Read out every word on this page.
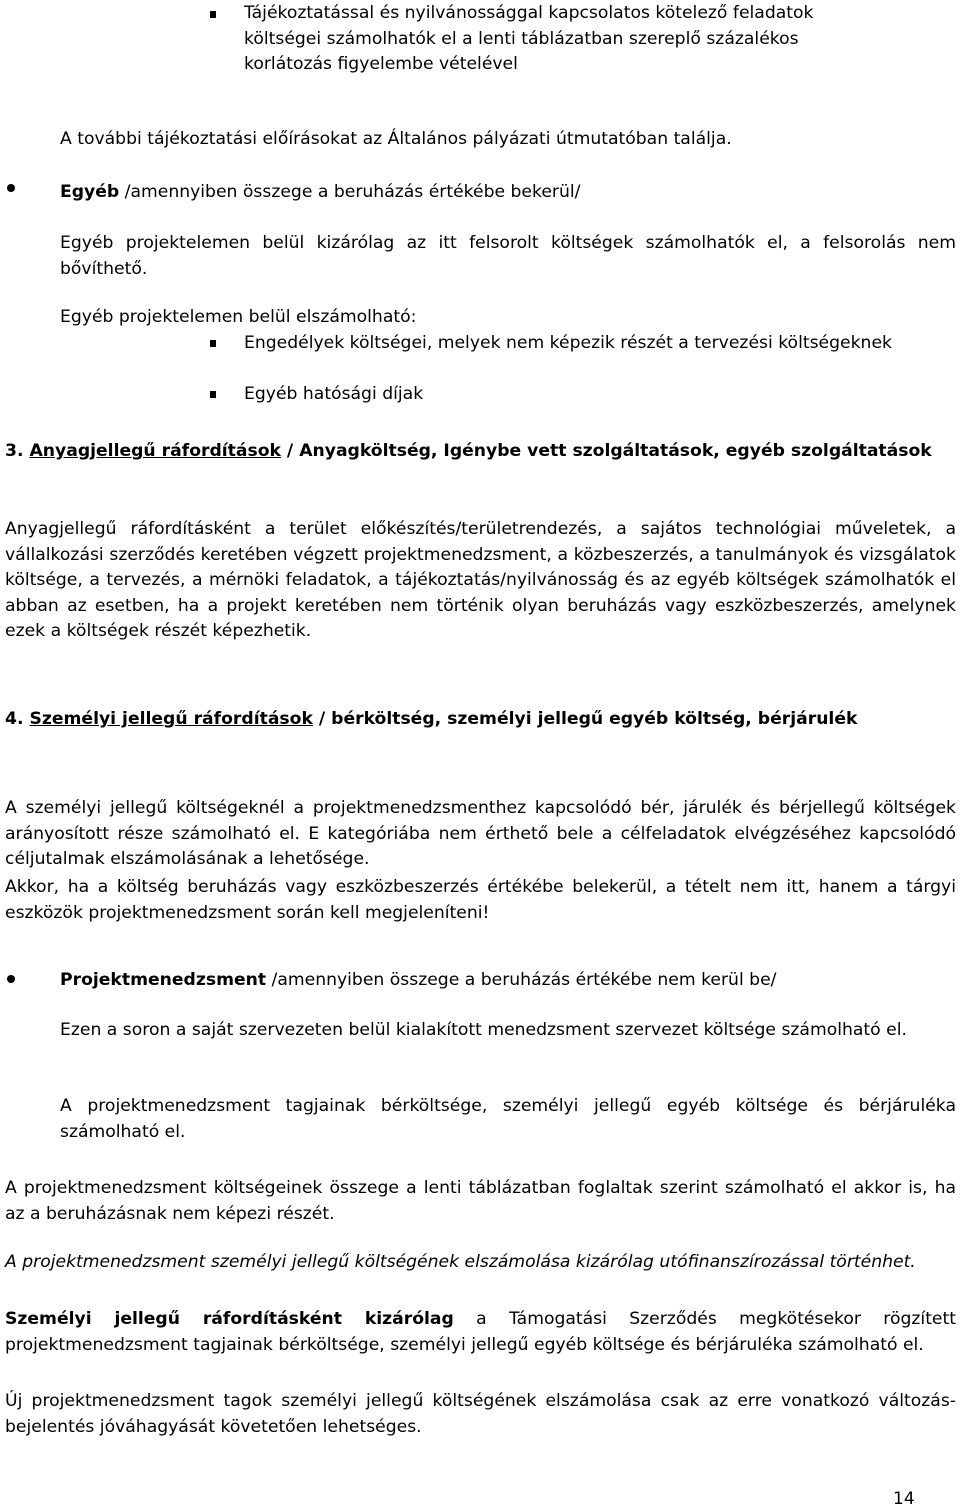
Tájékoztatással és nyilvánossággal kapcsolatos kötelező feladatok

költségei számolhatók el a lenti táblázatban szereplő százalékos

korlátozás figyelembe vételével

A további tájékoztatási előírásokat az Általános pályázati útmutatóban találja.

Egyéb /amennyiben összege a beruházás értékébe bekerül/

Egyéb projektelemen belül kizárólag az itt felsorolt költségek számolhatók el, a felsorolás nem bővíthető.

Egyéb projektelemen belül elszámolható:

Engedélyek költségei, melyek nem képezik részét a tervezési költségeknek

Egyéb hatósági díjak

3. Anyagjellegű ráfordítások / Anyagköltség, Igénybe vett szolgáltatások, egyéb szolgáltatások

Anyagjellegű ráfordításként a terület előkészítés/területrendezés, a sajátos technológiai műveletek, a vállalkozási szerződés keretében végzett projektmenedzsment, a közbeszerzés, a tanulmányok és vizsgálatok költsége, a tervezés, a mérnöki feladatok, a tájékoztatás/nyilvánosság és az egyéb költségek számolhatók el abban az esetben, ha a projekt keretében nem történik olyan beruházás vagy eszközbeszerzés, amelynek ezek a költségek részét képezhetik.

4. Személyi jellegű ráfordítások / bérköltség, személyi jellegű egyéb költség, bérjárulék

A személyi jellegű költségeknél a projektmenedzsmenthez kapcsolódó bér, járulék és bérjellegű költségek arányosított része számolható el. E kategóriába nem érthető bele a célfeladatok elvégzéséhez kapcsolódó céljutalmak elszámolásának a lehetősége.

Akkor, ha a költség beruházás vagy eszközbeszerzés értékébe belekerül, a tételt nem itt, hanem a tárgyi eszközök projektmenedzsment során kell megjeleníteni!

Projektmenedzsment /amennyiben összege a beruházás értékébe nem kerül be/

Ezen a soron a saját szervezeten belül kialakított menedzsment szervezet költsége számolható el.

A projektmenedzsment tagjainak bérköltsége, személyi jellegű egyéb költsége és bérjáruléka számolható el.

A projektmenedzsment költségeinek összege a lenti táblázatban foglaltak szerint számolható el akkor is, ha az a beruházásnak nem képezi részét.

A projektmenedzsment személyi jellegű költségének elszámolása kizárólag utófinanszírozással történhet.

Személyi jellegű ráfordításként kizárólag a Támogatási Szerződés megkötésekor rögzített projektmenedzsment tagjainak bérköltsége, személyi jellegű egyéb költsége és bérjáruléka számolható el.

Új projektmenedzsment tagok személyi jellegű költségének elszámolása csak az erre vonatkozó változás-bejelentés jóváhagyását követetően lehetséges.

14
